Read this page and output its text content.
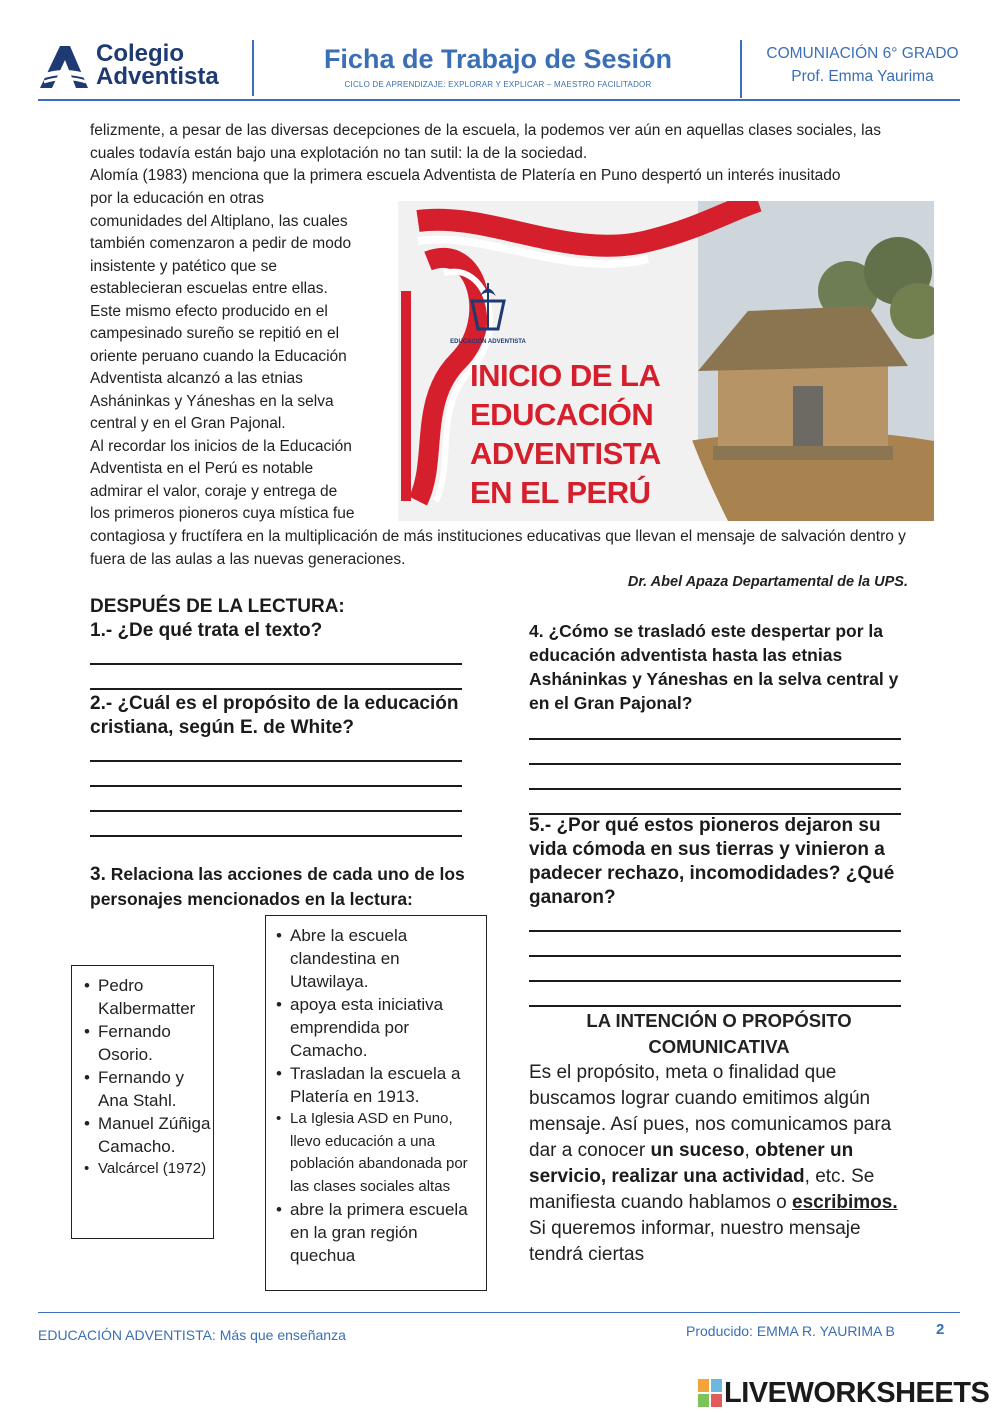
Colegio
Adventista
Ficha de Trabajo de Sesión
CICLO DE APRENDIZAJE: EXPLORAR Y EXPLICAR – MAESTRO FACILITADOR
COMUNIACIÓN 6° GRADO
Prof. Emma Yaurima
felizmente, a pesar de las diversas decepciones de la escuela, la podemos ver aún en aquellas clases sociales, las cuales todavía están bajo una explotación no tan sutil: la de la sociedad.
Alomía (1983) menciona que la primera escuela Adventista de Platería en Puno despertó un interés inusitado
por la educación en otras
comunidades del Altiplano, las cuales
también comenzaron a pedir de modo
insistente y patético que se
establecieran escuelas entre ellas.
Este mismo efecto producido en el
campesinado sureño se repitió en el
oriente peruano cuando la Educación
Adventista alcanzó a las etnias
Asháninkas y Yáneshas en la selva
central y en el Gran Pajonal.
Al recordar los inicios de la Educación
Adventista en el Perú es notable
admirar el valor, coraje y entrega de
los primeros pioneros cuya mística fue
contagiosa y fructífera en la multiplicación de más instituciones educativas que llevan el mensaje de salvación dentro y fuera de las aulas a las nuevas generaciones.
Dr. Abel Apaza Departamental de la UPS.
EDUCACIÓN ADVENTISTA
INICIO DE LA
EDUCACIÓN
ADVENTISTA
EN EL PERÚ
DESPUÉS DE LA LECTURA:
1.- ¿De qué trata el texto?
2.- ¿Cuál es el propósito de la educación cristiana, según E. de White?
3. Relaciona las acciones de cada uno de los personajes mencionados en la lectura:
• Pedro Kalbermatter
• Fernando Osorio.
• Fernando y Ana Stahl.
• Manuel Zúñiga Camacho.
• Valcárcel (1972)
• Abre la escuela clandestina en Utawilaya.
• apoya esta iniciativa emprendida por Camacho.
• Trasladan la escuela a Platería en 1913.
• La Iglesia ASD en Puno, llevo educación a una población abandonada por las clases sociales altas
• abre la primera escuela en la gran región quechua
4. ¿Cómo se trasladó este despertar por la educación adventista hasta las etnias Asháninkas y Yáneshas en la selva central y en el Gran Pajonal?
5.- ¿Por qué estos pioneros dejaron su vida cómoda en sus tierras y vinieron a padecer rechazo, incomodidades? ¿Qué ganaron?
LA INTENCIÓN O PROPÓSITO COMUNICATIVA
Es el propósito, meta o finalidad que buscamos lograr cuando emitimos algún mensaje. Así pues, nos comunicamos para dar a conocer un suceso, obtener un servicio, realizar una actividad, etc. Se manifiesta cuando hablamos o escribimos. Si queremos informar, nuestro mensaje tendrá ciertas
EDUCACIÓN ADVENTISTA: Más que enseñanza	Producido: EMMA R. YAURIMA B	2
LIVEWORKSHEETS
